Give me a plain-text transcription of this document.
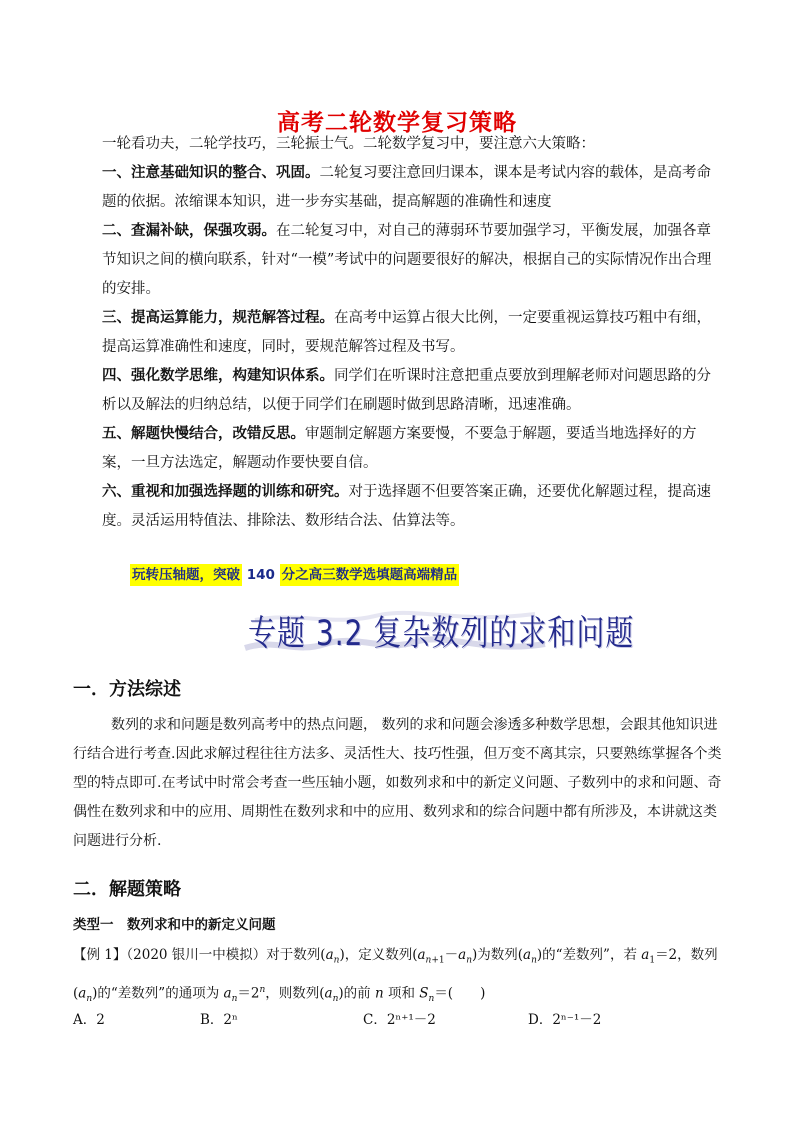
高考二轮数学复习策略
一轮看功夫，二轮学技巧，三轮振士气。二轮数学复习中，要注意六大策略：
一、注意基础知识的整合、巩固。二轮复习要注意回归课本，课本是考试内容的载体，是高考命题的依据。浓缩课本知识，进一步夯实基础，提高解题的准确性和速度
二、查漏补缺，保强攻弱。在二轮复习中，对自己的薄弱环节要加强学习，平衡发展，加强各章节知识之间的横向联系，针对“一模”考试中的问题要很好的解决，根据自己的实际情况作出合理的安排。
三、提高运算能力，规范解答过程。在高考中运算占很大比例，一定要重视运算技巧粗中有细，提高运算准确性和速度，同时，要规范解答过程及书写。
四、强化数学思维，构建知识体系。同学们在听课时注意把重点要放到理解老师对问题思路的分析以及解法的归纳总结，以便于同学们在刷题时做到思路清晰，迅速准确。
五、解题快慢结合，改错反思。审题制定解题方案要慢，不要急于解题，要适当地选择好的方案，一旦方法选定，解题动作要快要自信。
六、重视和加强选择题的训练和研究。对于选择题不但要答案正确，还要优化解题过程，提高速度。灵活运用特值法、排除法、数形结合法、估算法等。
玩转压轴题，突破 140 分之高三数学选填题高端精品
专题 3.2 复杂数列的求和问题
一．方法综述
数列的求和问题是数列高考中的热点问题， 数列的求和问题会渗透多种数学思想，会跟其他知识进行结合进行考查.因此求解过程往往方法多、灵活性大、技巧性强，但万变不离其宗，只要熟练掌握各个类型的特点即可.在考试中时常会考查一些压轴小题，如数列求和中的新定义问题、子数列中的求和问题、奇偶性在数列求和中的应用、周期性在数列求和中的应用、数列求和的综合问题中都有所涉及，本讲就这类问题进行分析.
二．解题策略
类型一　数列求和中的新定义问题
【例 1】（2020 银川一中模拟）对于数列$(a_n)$，定义数列$(a_{n+1}-a_n)$为数列$(a_n)$的“差数列”，若 $a_1=2$，数列$(a_n)$的“差数列”的通项为 $a_n=2^n$，则数列$(a_n)$的前 n 项和 $S_n=$(　　)
A．2	B．2ⁿ	C．2ⁿ⁺¹－2	D．2ⁿ⁻¹－2
